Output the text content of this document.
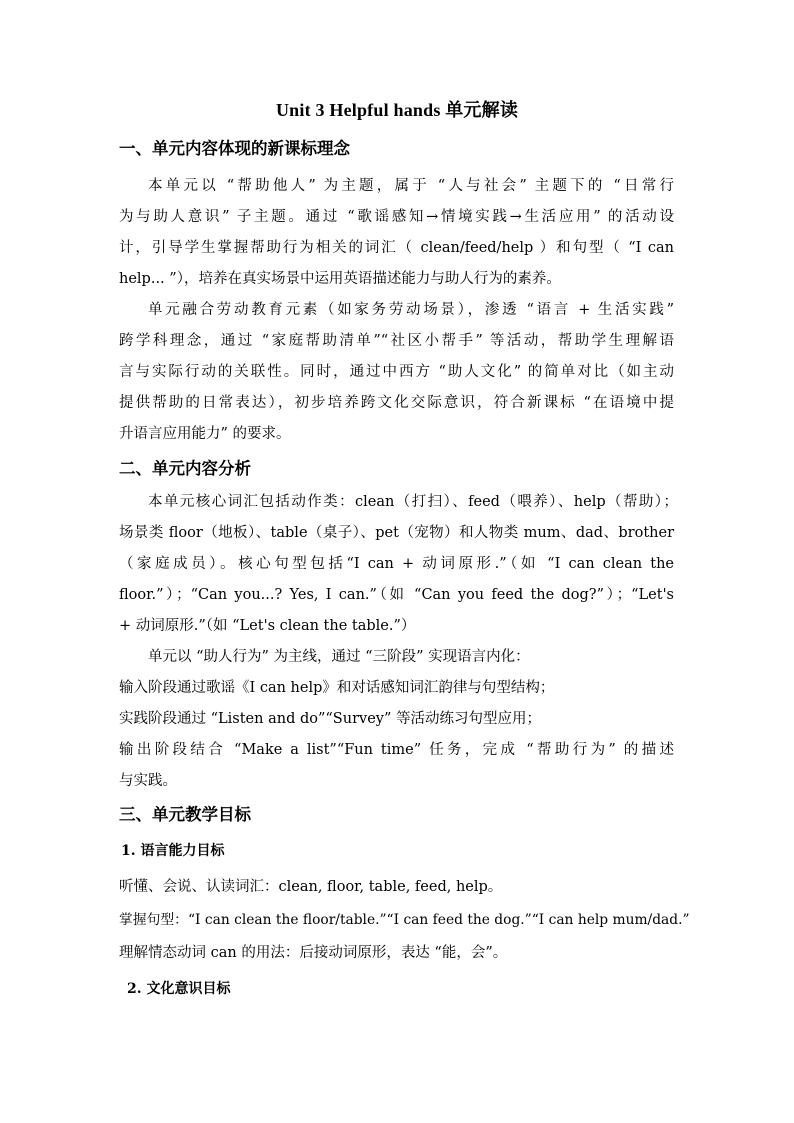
Unit 3 Helpful hands 单元解读
一、单元内容体现的新课标理念
本单元以 “帮助他人” 为主题，属于 “人与社会” 主题下的 “日常行
为与助人意识” 子主题。通过 “歌谣感知→情境实践→生活应用” 的活动设
计，引导学生掌握帮助行为相关的词汇（ clean/feed/help ）和句型（ “I can
help... ”），培养在真实场景中运用英语描述能力与助人行为的素养。
单元融合劳动教育元素（如家务劳动场景），渗透 “语言 + 生活实践”
跨学科理念，通过 “家庭帮助清单”“社区小帮手” 等活动，帮助学生理解语
言与实际行动的关联性。同时，通过中西方 “助人文化” 的简单对比（如主动
提供帮助的日常表达），初步培养跨文化交际意识，符合新课标 “在语境中提
升语言应用能力” 的要求。
二、单元内容分析
本单元核心词汇包括动作类：clean（打扫）、feed（喂养）、help（帮助）；
场景类 floor（地板）、table（桌子）、pet（宠物）和人物类 mum、dad、brother
（家庭成员）。核心句型包括“I can + 动词原形.”（如 “I can clean the
floor.”）；“Can you...? Yes, I can.”（如 “Can you feed the dog?”）；“Let's
+ 动词原形.”（如 “Let's clean the table.”）
单元以 “助人行为” 为主线，通过 “三阶段” 实现语言内化：
输入阶段通过歌谣《I can help》和对话感知词汇韵律与句型结构；
实践阶段通过 “Listen and do”“Survey” 等活动练习句型应用；
输出阶段结合 “Make a list”“Fun time” 任务，完成 “帮助行为” 的描述
与实践。
三、单元教学目标
1. 语言能力目标
听懂、会说、认读词汇：clean, floor, table, feed, help。
掌握句型：“I can clean the floor/table.”“I can feed the dog.”“I can help mum/dad.”
理解情态动词 can 的用法：后接动词原形，表达 “能，会”。
2. 文化意识目标
